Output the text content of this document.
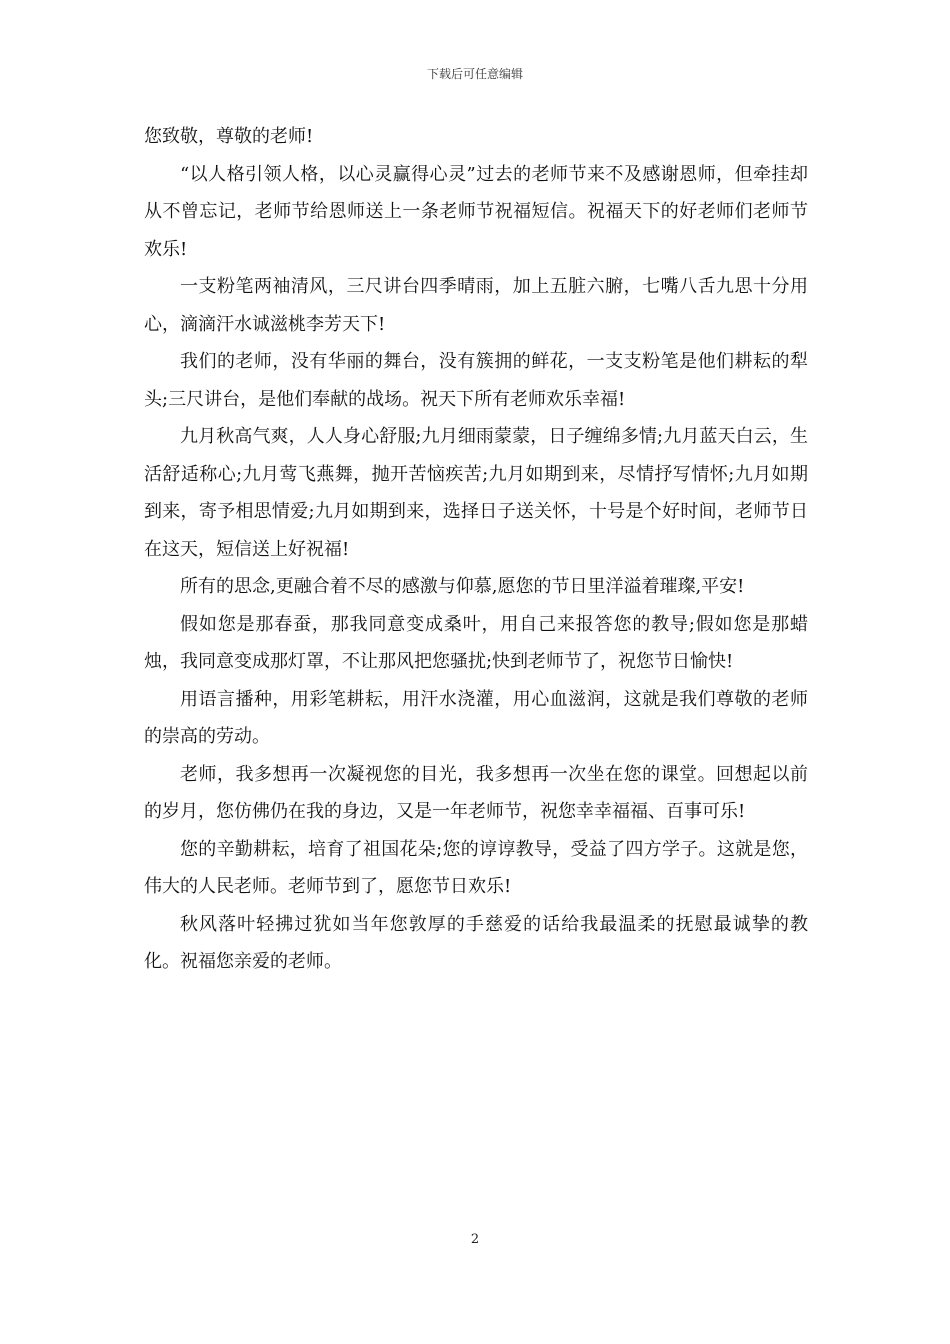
下载后可任意编辑

您致敬，尊敬的老师!

“以人格引领人格，以心灵赢得心灵”过去的老师节来不及感谢恩师，但牵挂却从不曾忘记，老师节给恩师送上一条老师节祝福短信。祝福天下的好老师们老师节欢乐!

一支粉笔两袖清风，三尺讲台四季晴雨，加上五脏六腑，七嘴八舌九思十分用心，滴滴汗水诚滋桃李芳天下!

我们的老师，没有华丽的舞台，没有簇拥的鲜花，一支支粉笔是他们耕耘的犁头;三尺讲台，是他们奉献的战场。祝天下所有老师欢乐幸福!

九月秋高气爽，人人身心舒服;九月细雨蒙蒙，日子缠绵多情;九月蓝天白云，生活舒适称心;九月莺飞燕舞，抛开苦恼疾苦;九月如期到来，尽情抒写情怀;九月如期到来，寄予相思情爱;九月如期到来，选择日子送关怀，十号是个好时间，老师节日在这天，短信送上好祝福!

所有的思念,更融合着不尽的感激与仰慕,愿您的节日里洋溢着璀璨,平安!

假如您是那春蚕，那我同意变成桑叶，用自己来报答您的教导;假如您是那蜡烛，我同意变成那灯罩，不让那风把您骚扰;快到老师节了，祝您节日愉快!

用语言播种，用彩笔耕耘，用汗水浇灌，用心血滋润，这就是我们尊敬的老师的崇高的劳动。

老师，我多想再一次凝视您的目光，我多想再一次坐在您的课堂。回想起以前的岁月，您仿佛仍在我的身边，又是一年老师节，祝您幸幸福福、百事可乐!

您的辛勤耕耘，培育了祖国花朵;您的谆谆教导，受益了四方学子。这就是您，伟大的人民老师。老师节到了，愿您节日欢乐!

秋风落叶轻拂过犹如当年您敦厚的手慈爱的话给我最温柔的抚慰最诚挚的教化。祝福您亲爱的老师。

2
